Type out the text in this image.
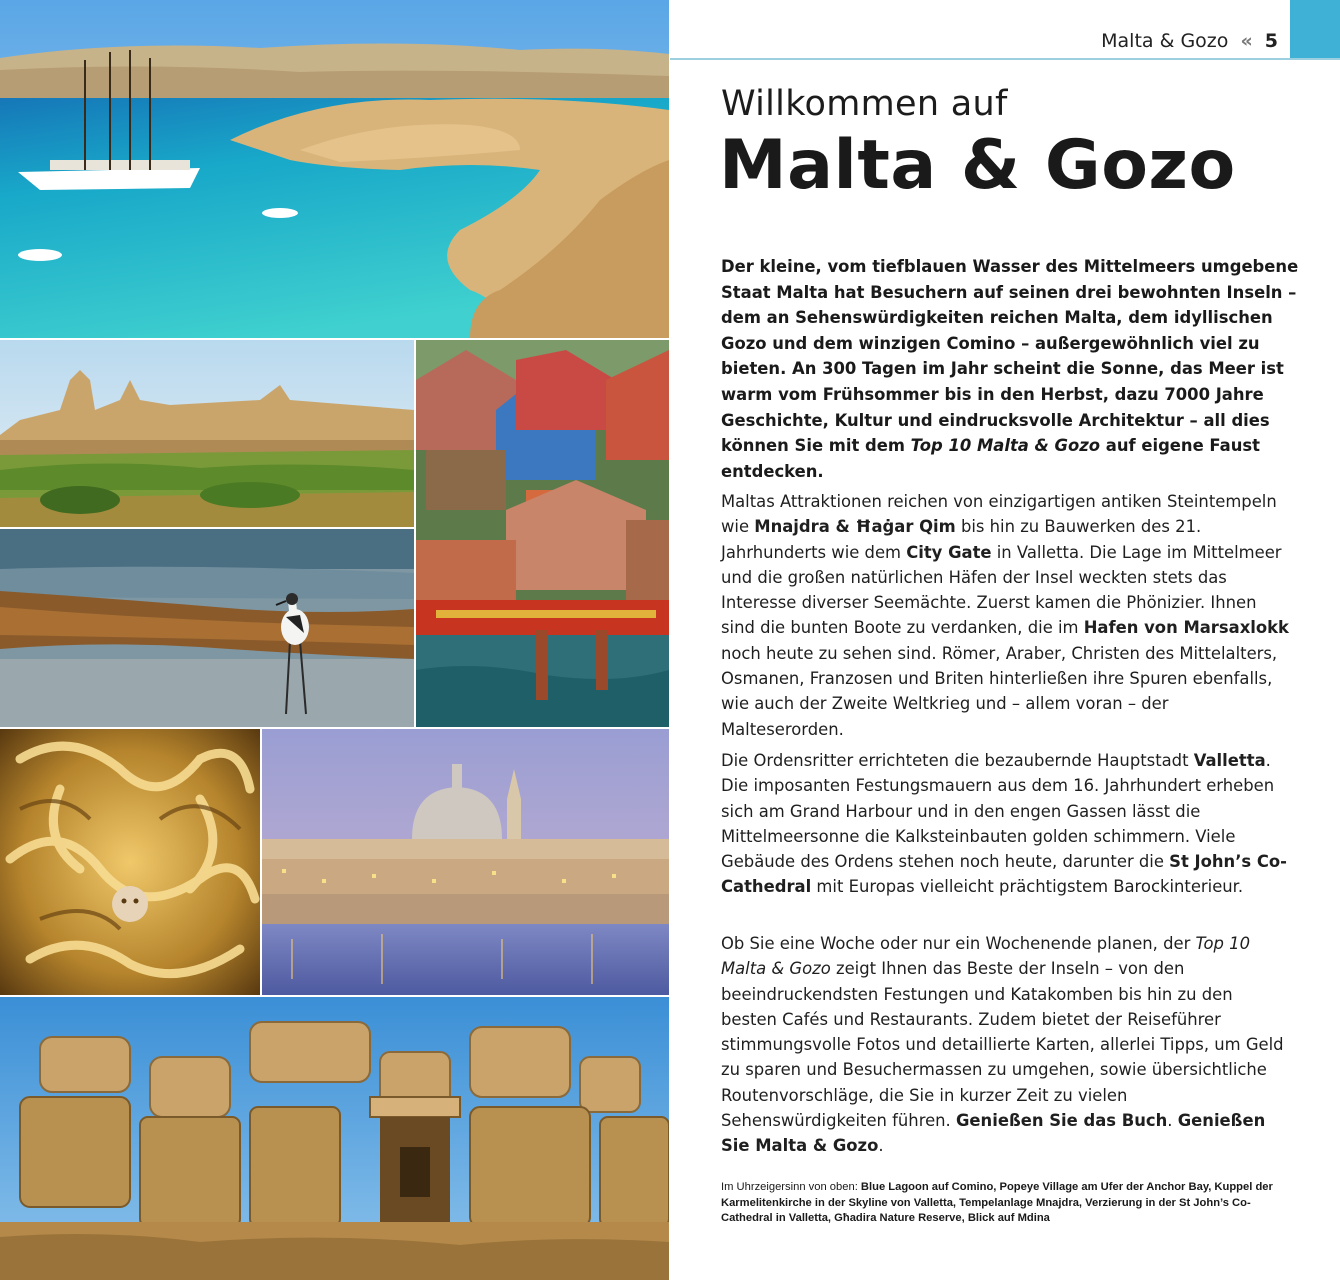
Malta & Gozo « 5
Willkommen auf
Malta & Gozo

Der kleine, vom tiefblauen Wasser des Mittelmeers umgebene Staat Malta hat Besuchern auf seinen drei bewohnten Inseln – dem an Sehenswürdigkeiten reichen Malta, dem idyllischen Gozo und dem winzigen Comino – außergewöhnlich viel zu bieten. An 300 Tagen im Jahr scheint die Sonne, das Meer ist warm vom Frühsommer bis in den Herbst, dazu 7000 Jahre Geschichte, Kultur und eindrucksvolle Architektur – all dies können Sie mit dem Top 10 Malta & Gozo auf eigene Faust entdecken.

Maltas Attraktionen reichen von einzigartigen antiken Steintempeln wie Mnajdra & Ħaġar Qim bis hin zu Bauwerken des 21. Jahrhunderts wie dem City Gate in Valletta. Die Lage im Mittelmeer und die großen natürlichen Häfen der Insel weckten stets das Interesse diverser Seemächte. Zuerst kamen die Phönizier. Ihnen sind die bunten Boote zu verdanken, die im Hafen von Marsaxlokk noch heute zu sehen sind. Römer, Araber, Christen des Mittelalters, Osmanen, Franzosen und Briten hinterließen ihre Spuren ebenfalls, wie auch der Zweite Weltkrieg und – allem voran – der Malteserorden.

Die Ordensritter errichteten die bezaubernde Hauptstadt Valletta. Die imposanten Festungsmauern aus dem 16. Jahrhundert erheben sich am Grand Harbour und in den engen Gassen lässt die Mittelmeersonne die Kalksteinbauten golden schimmern. Viele Gebäude des Ordens stehen noch heute, darunter die St John’s Co-Cathedral mit Europas vielleicht prächtigstem Barockinterieur.

Ob Sie eine Woche oder nur ein Wochenende planen, der Top 10 Malta & Gozo zeigt Ihnen das Beste der Inseln – von den beeindruckendsten Festungen und Katakomben bis hin zu den besten Cafés und Restaurants. Zudem bietet der Reiseführer stimmungsvolle Fotos und detaillierte Karten, allerlei Tipps, um Geld zu sparen und Besuchermassen zu umgehen, sowie übersichtliche Routenvorschläge, die Sie in kurzer Zeit zu vielen Sehenswürdigkeiten führen. Genießen Sie das Buch. Genießen Sie Malta & Gozo.

Im Uhrzeigersinn von oben: Blue Lagoon auf Comino, Popeye Village am Ufer der Anchor Bay, Kuppel der Karmelitenkirche in der Skyline von Valletta, Tempelanlage Mnajdra, Verzierung in der St John’s Co-Cathedral in Valletta, Għadira Nature Reserve, Blick auf Mdina
